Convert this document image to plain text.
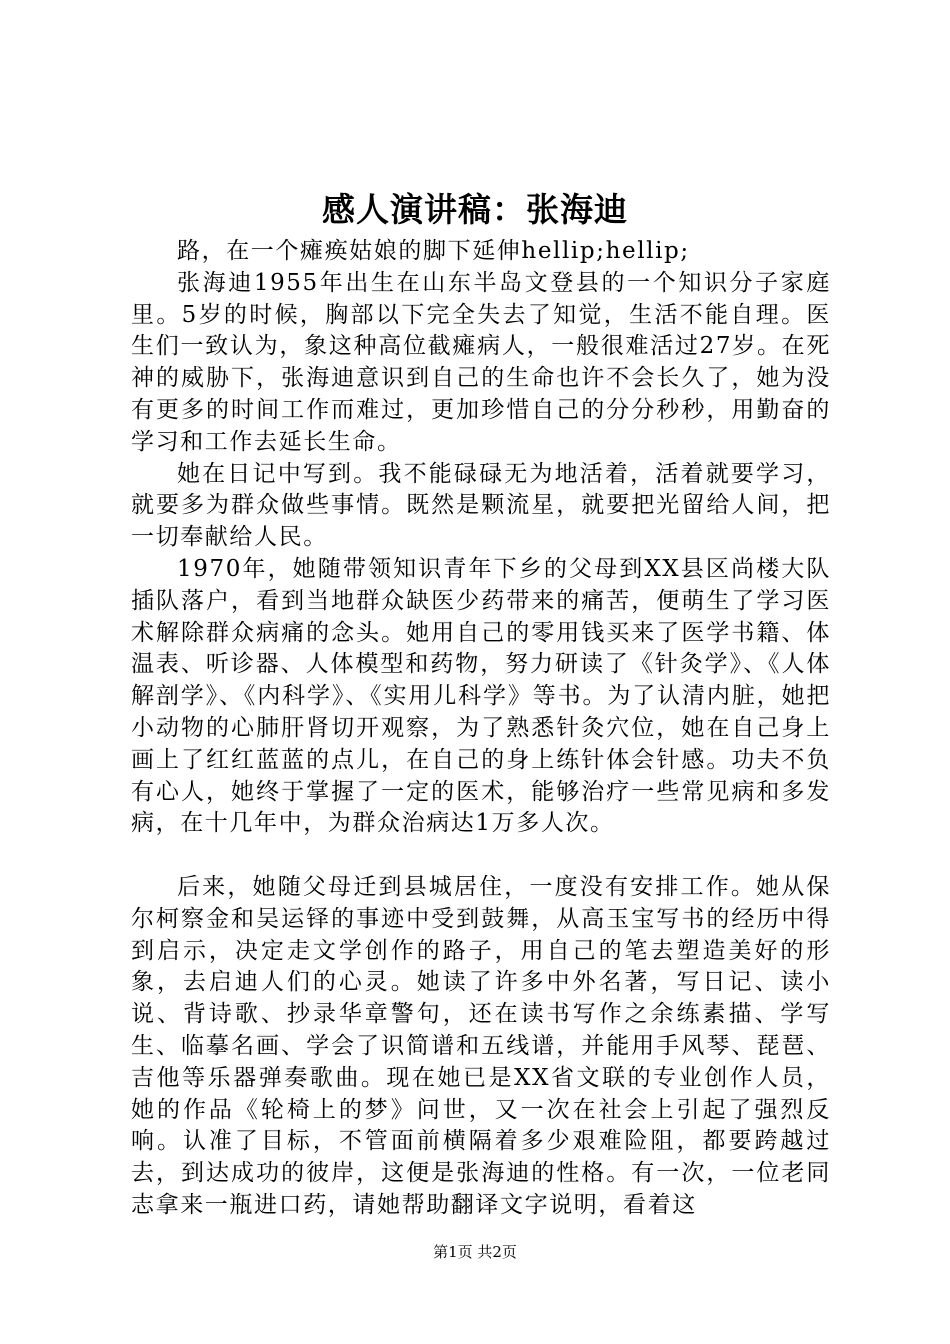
感人演讲稿：张海迪

路，在一个瘫痪姑娘的脚下延伸hellip;hellip;

张海迪1955年出生在山东半岛文登县的一个知识分子家庭里。5岁的时候，胸部以下完全失去了知觉，生活不能自理。医生们一致认为，象这种高位截瘫病人，一般很难活过27岁。在死神的威胁下，张海迪意识到自己的生命也许不会长久了，她为没有更多的时间工作而难过，更加珍惜自己的分分秒秒，用勤奋的学习和工作去延长生命。

她在日记中写到。我不能碌碌无为地活着，活着就要学习，就要多为群众做些事情。既然是颗流星，就要把光留给人间，把一切奉献给人民。

1970年，她随带领知识青年下乡的父母到XX县区尚楼大队插队落户，看到当地群众缺医少药带来的痛苦，便萌生了学习医术解除群众病痛的念头。她用自己的零用钱买来了医学书籍、体温表、听诊器、人体模型和药物，努力研读了《针灸学》、《人体解剖学》、《内科学》、《实用儿科学》等书。为了认清内脏，她把小动物的心肺肝肾切开观察，为了熟悉针灸穴位，她在自己身上画上了红红蓝蓝的点儿，在自己的身上练针体会针感。功夫不负有心人，她终于掌握了一定的医术，能够治疗一些常见病和多发病，在十几年中，为群众治病达1万多人次。

后来，她随父母迁到县城居住，一度没有安排工作。她从保尔柯察金和吴运铎的事迹中受到鼓舞，从高玉宝写书的经历中得到启示，决定走文学创作的路子，用自己的笔去塑造美好的形象，去启迪人们的心灵。她读了许多中外名著，写日记、读小说、背诗歌、抄录华章警句，还在读书写作之余练素描、学写生、临摹名画、学会了识简谱和五线谱，并能用手风琴、琵琶、吉他等乐器弹奏歌曲。现在她已是XX省文联的专业创作人员，她的作品《轮椅上的梦》问世，又一次在社会上引起了强烈反响。认准了目标，不管面前横隔着多少艰难险阻，都要跨越过去，到达成功的彼岸，这便是张海迪的性格。有一次，一位老同志拿来一瓶进口药，请她帮助翻译文字说明，看着这

第1页 共2页
